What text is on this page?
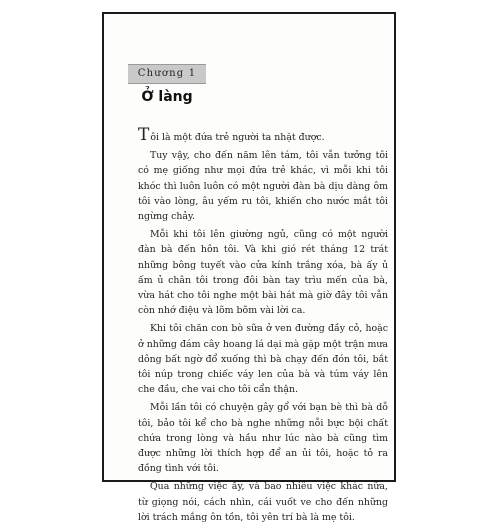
Chương 1
Ở làng

Tôi là một đứa trẻ người ta nhặt được.

Tuy vậy, cho đến năm lên tám, tôi vẫn tưởng tôi có mẹ giống như mọi đứa trẻ khác, vì mỗi khi tôi khóc thì luôn luôn có một người đàn bà dịu dàng ôm tôi vào lòng, âu yếm ru tôi, khiến cho nước mắt tôi ngừng chảy.

Mỗi khi tôi lên giường ngủ, cũng có một người đàn bà đến hôn tôi. Và khi gió rét tháng 12 trát những bông tuyết vào cửa kính trắng xóa, bà ấy ủ ấm ủ chân tôi trong đôi bàn tay trìu mến của bà, vừa hát cho tôi nghe một bài hát mà giờ đây tôi vẫn còn nhớ điệu và lõm bõm vài lời ca.

Khi tôi chăn con bò sữa ở ven đường đầy cỏ, hoặc ở những đám cây hoang lá dại mà gặp một trận mưa dông bất ngờ đổ xuống thì bà chạy đến đón tôi, bắt tôi núp trong chiếc váy len của bà và túm váy lên che đầu, che vai cho tôi cẩn thận.

Mỗi lần tôi có chuyện gây gổ với bạn bè thì bà dỗ tôi, bảo tôi kể cho bà nghe những nỗi bực bội chất chứa trong lòng và hầu như lúc nào bà cũng tìm được những lời thích hợp để an ủi tôi, hoặc tỏ ra đồng tình với tôi.

Qua những việc ấy, và bao nhiêu việc khác nữa, từ giọng nói, cách nhìn, cái vuốt ve cho đến những lời trách mắng ôn tồn, tôi yên trí bà là mẹ tôi.
